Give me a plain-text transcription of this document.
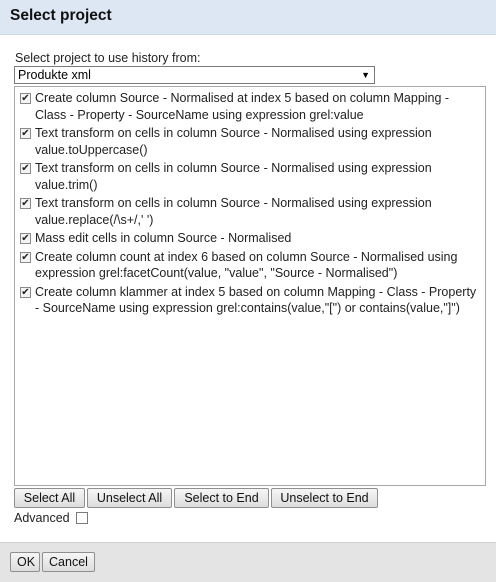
Select project
Select project to use history from:
Produkte xml	▼
✔ Create column Source - Normalised at index 5 based on column Mapping - Class - Property - SourceName using expression grel:value
✔ Text transform on cells in column Source - Normalised using expression value.toUppercase()
✔ Text transform on cells in column Source - Normalised using expression value.trim()
✔ Text transform on cells in column Source - Normalised using expression value.replace(/\s+/,' ')
✔ Mass edit cells in column Source - Normalised
✔ Create column count at index 6 based on column Source - Normalised using expression grel:facetCount(value, "value", "Source - Normalised")
✔ Create column klammer at index 5 based on column Mapping - Class - Property - SourceName using expression grel:contains(value,"[") or contains(value,"]")
Select All	Unselect All	Select to End	Unselect to End
Advanced
OK	Cancel
